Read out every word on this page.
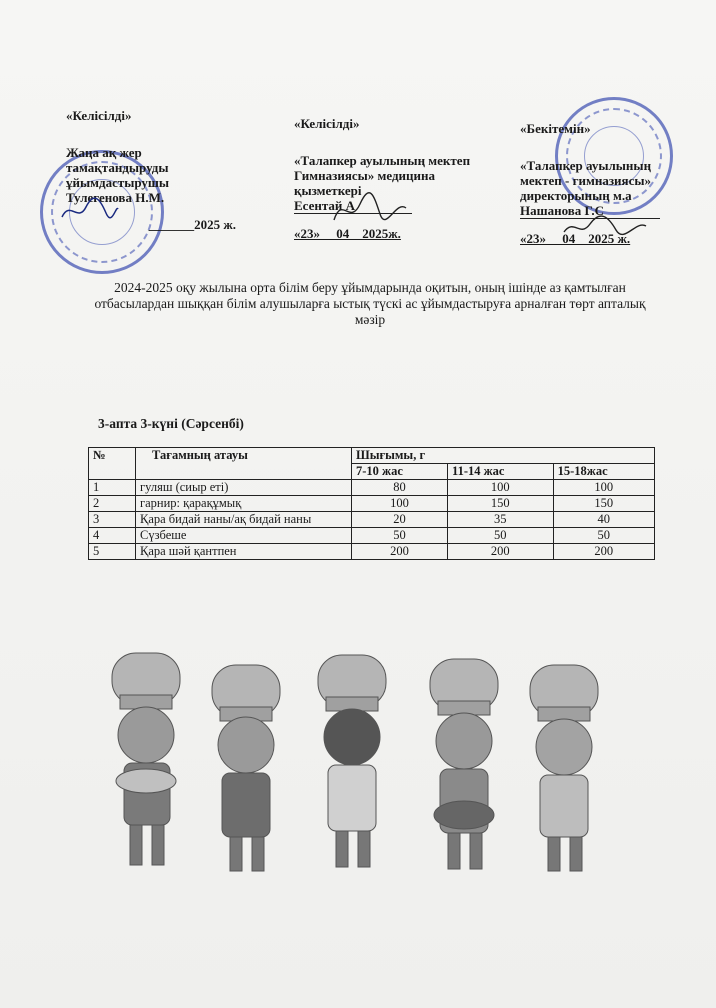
«Келісілді»
Жаңа ақ жер
тамақтандыруды
ұйымдастырушы
Тулегенова Н.М.
_______2025 ж.
«Келісілді»
«Талапкер ауылының мектеп
Гимназиясы» медицина
қызметкері
Есентай А
«23» __04__2025ж.
«Бекітемін»
«Талапкер ауылының
мектеп - гимназиясы»
директорының м.а
Нашанова Г.С
«23» __04__2025 ж.
2024-2025 оқу жылына орта білім беру ұйымдарында оқитын, оның ішінде аз қамтылған отбасылардан шыққан білім алушыларға ыстық түскі ас ұйымдастыруға арналған төрт апталық мәзір
3-апта 3-күні (Сәрсенбі)
№	Тағамның атауы	Шығымы, г		
		7-10 жас	11-14 жас	15-18жас
1	гуляш (сиыр еті)	80	100	100
2	гарнир: қарақұмық	100	150	150
3	Қара бидай наны/ақ бидай наны	20	35	40
4	Сүзбеше	50	50	50
5	Қара шәй қантпен	200	200	200
